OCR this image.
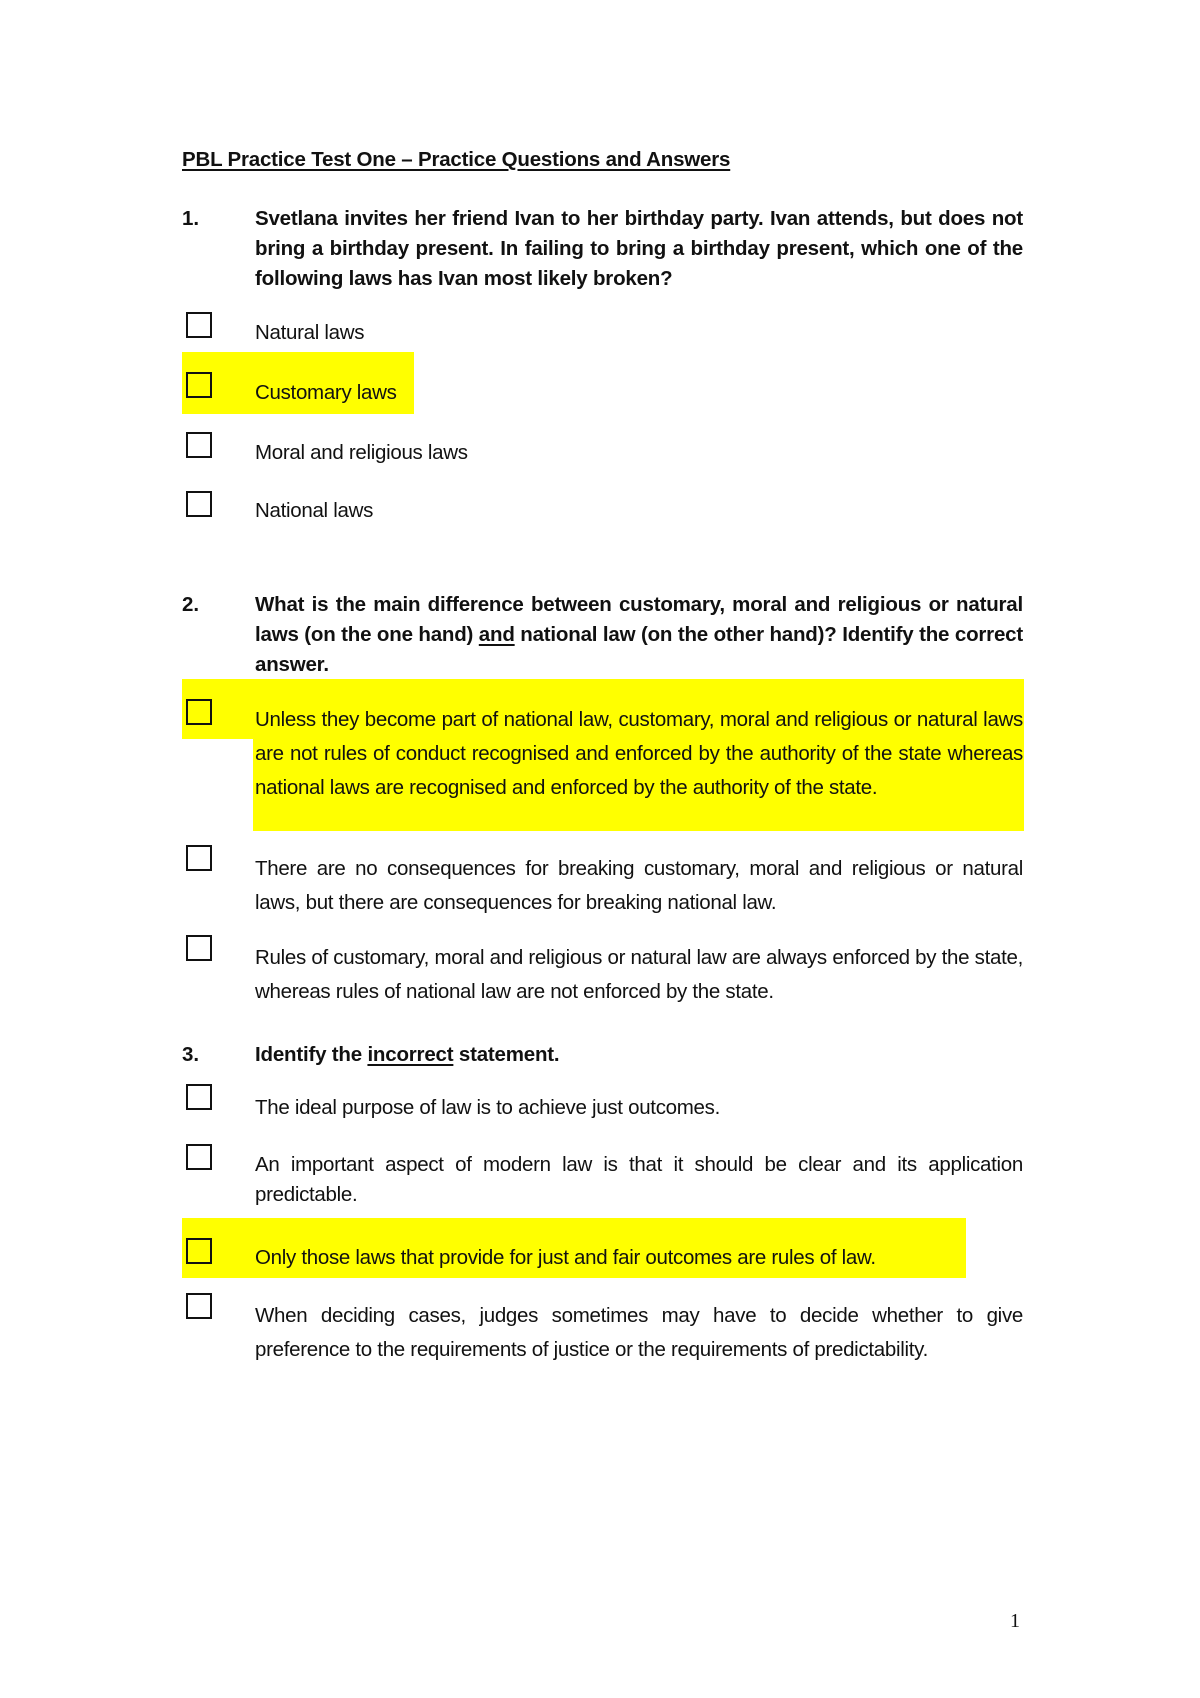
PBL Practice Test One – Practice Questions and Answers
1.	Svetlana invites her friend Ivan to her birthday party. Ivan attends, but does not bring a birthday present. In failing to bring a birthday present, which one of the following laws has Ivan most likely broken?
Natural laws
Customary laws
Moral and religious laws
National laws
2.	What is the main difference between customary, moral and religious or natural laws (on the one hand) and national law (on the other hand)? Identify the correct answer.
Unless they become part of national law, customary, moral and religious or natural laws are not rules of conduct recognised and enforced by the authority of the state whereas national laws are recognised and enforced by the authority of the state.
There are no consequences for breaking customary, moral and religious or natural laws, but there are consequences for breaking national law.
Rules of customary, moral and religious or natural law are always enforced by the state, whereas rules of national law are not enforced by the state.
3.	Identify the incorrect statement.
The ideal purpose of law is to achieve just outcomes.
An important aspect of modern law is that it should be clear and its application predictable.
Only those laws that provide for just and fair outcomes are rules of law.
When deciding cases, judges sometimes may have to decide whether to give preference to the requirements of justice or the requirements of predictability.
1
